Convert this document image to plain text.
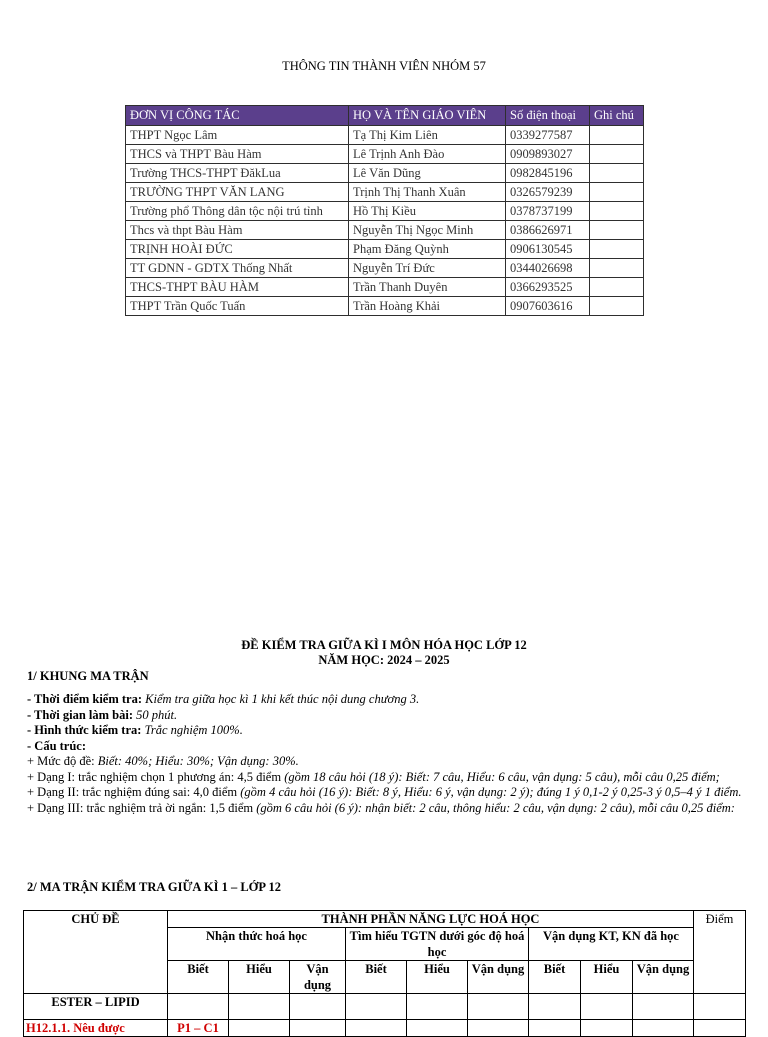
THÔNG TIN THÀNH VIÊN NHÓM 57
ĐƠN VỊ CÔNG TÁC	HỌ VÀ TÊN GIÁO VIÊN	Số điện thoại	Ghi chú
THPT Ngọc Lâm	Tạ Thị Kim Liên	0339277587	
THCS và THPT Bàu Hàm	Lê Trịnh Anh Đào	0909893027	
Trường THCS-THPT ĐăkLua	Lê Văn Dũng	0982845196	
TRƯỜNG THPT VĂN LANG	Trịnh Thị Thanh Xuân	0326579239	
Trường phổ Thông dân tộc nội trú tỉnh	Hồ Thị Kiều	0378737199	
Thcs và thpt Bàu Hàm	Nguyễn Thị Ngọc Minh	0386626971	
TRỊNH HOÀI ĐỨC	Phạm Đăng Quỳnh	0906130545	
TT GDNN - GDTX Thống Nhất	Nguyễn Trí Đức	0344026698	
THCS-THPT BÀU HÀM	Trần Thanh Duyên	0366293525	
THPT Trần Quốc Tuấn	Trần Hoàng Khải	0907603616	
ĐỀ KIỂM TRA GIỮA KÌ I MÔN HÓA HỌC LỚP 12
NĂM HỌC: 2024 – 2025
1/ KHUNG MA TRẬN

- Thời điểm kiểm tra: Kiểm tra giữa học kì 1 khi kết thúc nội dung chương 3.

- Thời gian làm bài: 50 phút.

- Hình thức kiểm tra: Trắc nghiệm 100%.

- Cấu trúc:

+ Mức độ đề: Biết: 40%; Hiểu: 30%; Vận dụng: 30%.

+ Dạng I: trắc nghiệm chọn 1 phương án: 4,5 điểm (gồm 18 câu hỏi (18 ý): Biết: 7 câu, Hiểu: 6 câu, vận dụng: 5 câu), mỗi câu 0,25 điểm;

+ Dạng II: trắc nghiệm đúng sai: 4,0 điểm (gồm 4 câu hỏi (16 ý): Biết: 8 ý, Hiểu: 6 ý, vận dụng: 2 ý); đúng 1 ý 0,1-2 ý 0,25-3 ý 0,5–4 ý 1 điểm.

+ Dạng III: trắc nghiệm trả ời ngắn: 1,5 điểm (gồm 6 câu hỏi (6 ý): nhận biết: 2 câu, thông hiểu: 2 câu, vận dụng: 2 câu), mỗi câu 0,25 điểm:

2/ MA TRẬN KIỂM TRA GIỮA KÌ 1 – LỚP 12
CHỦ ĐỀ	THÀNH PHẦN NĂNG LỰC HOÁ HỌC									Điểm
	Nhận thức hoá học			Tìm hiểu TGTN dưới góc độ hoá học			Vận dụng KT, KN đã học			
	Biết	Hiểu	Vận dụng	Biết	Hiểu	Vận dụng	Biết	Hiểu	Vận dụng	
ESTER – LIPID										
H12.1.1. Nêu được	P1 – C1									
